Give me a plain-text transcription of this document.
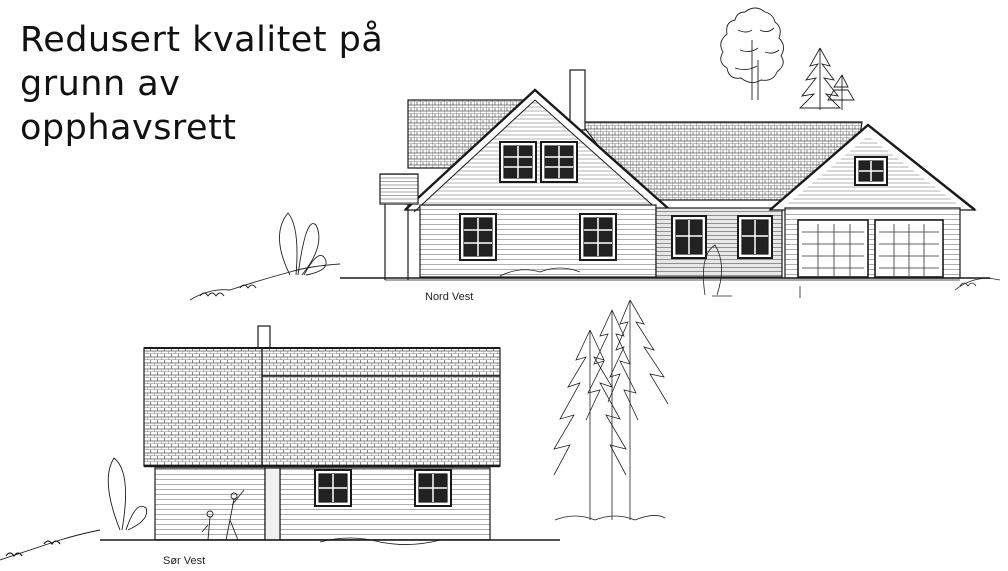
Redusert kvalitet på
grunn av opphavsrett
Nord Vest
Sør Vest
